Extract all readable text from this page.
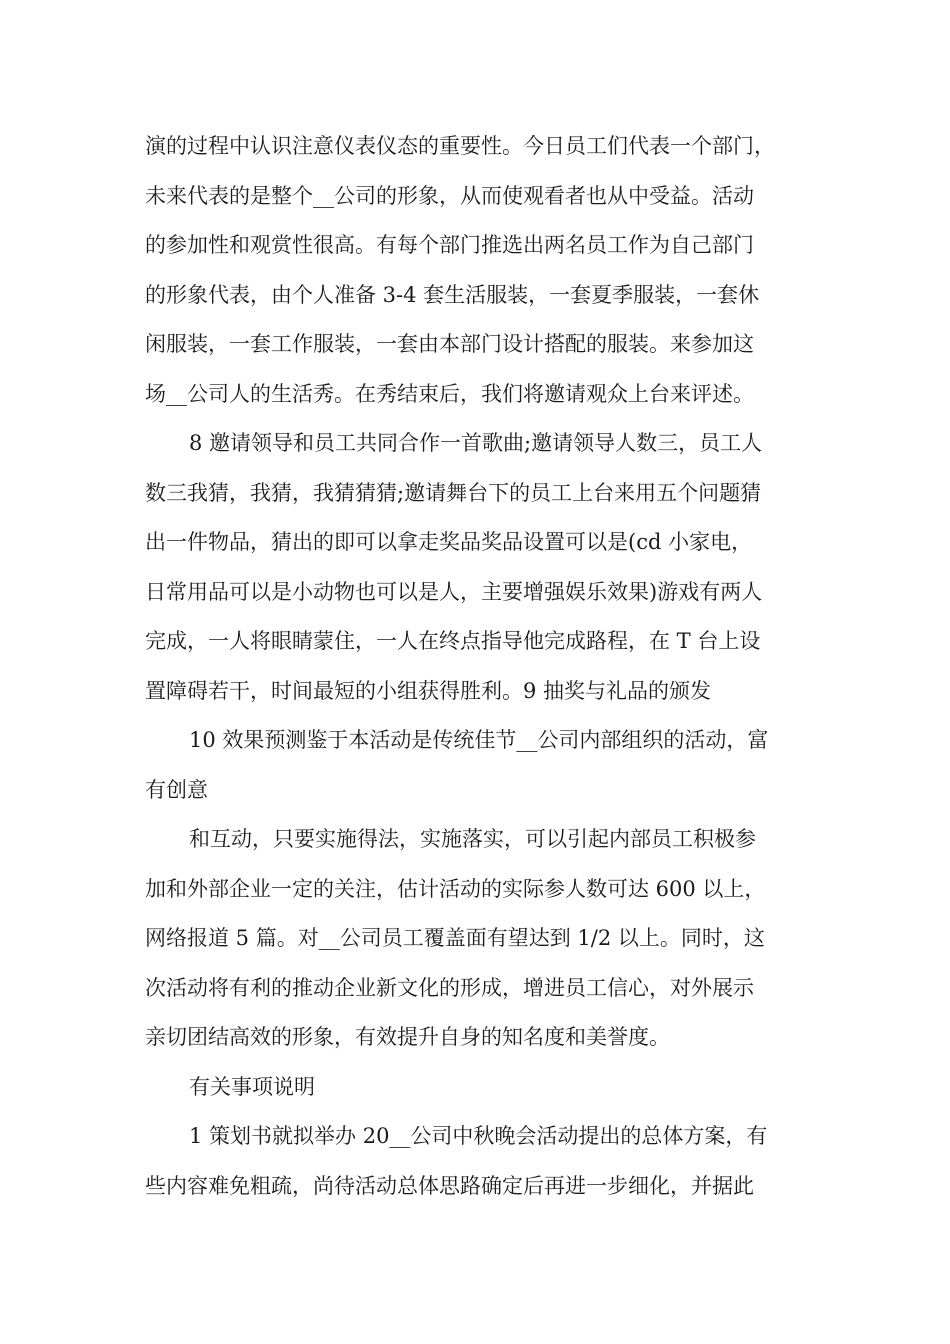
演的过程中认识注意仪表仪态的重要性。今日员工们代表一个部门，
未来代表的是整个__公司的形象，从而使观看者也从中受益。活动
的参加性和观赏性很高。有每个部门推选出两名员工作为自己部门
的形象代表，由个人准备 3-4 套生活服装，一套夏季服装，一套休
闲服装，一套工作服装，一套由本部门设计搭配的服装。来参加这
场__公司人的生活秀。在秀结束后，我们将邀请观众上台来评述。
8 邀请领导和员工共同合作一首歌曲;邀请领导人数三，员工人
数三我猜，我猜，我猜猜猜;邀请舞台下的员工上台来用五个问题猜
出一件物品，猜出的即可以拿走奖品奖品设置可以是(cd 小家电，
日常用品可以是小动物也可以是人，主要增强娱乐效果)游戏有两人
完成，一人将眼睛蒙住，一人在终点指导他完成路程，在 T 台上设
置障碍若干，时间最短的小组获得胜利。9 抽奖与礼品的颁发
10 效果预测鉴于本活动是传统佳节__公司内部组织的活动，富
有创意
和互动，只要实施得法，实施落实，可以引起内部员工积极参
加和外部企业一定的关注，估计活动的实际参人数可达 600 以上，
网络报道 5 篇。对__公司员工覆盖面有望达到 1/2 以上。同时，这
次活动将有利的推动企业新文化的形成，增进员工信心，对外展示
亲切团结高效的形象，有效提升自身的知名度和美誉度。
有关事项说明
1 策划书就拟举办 20__公司中秋晚会活动提出的总体方案，有
些内容难免粗疏，尚待活动总体思路确定后再进一步细化，并据此
